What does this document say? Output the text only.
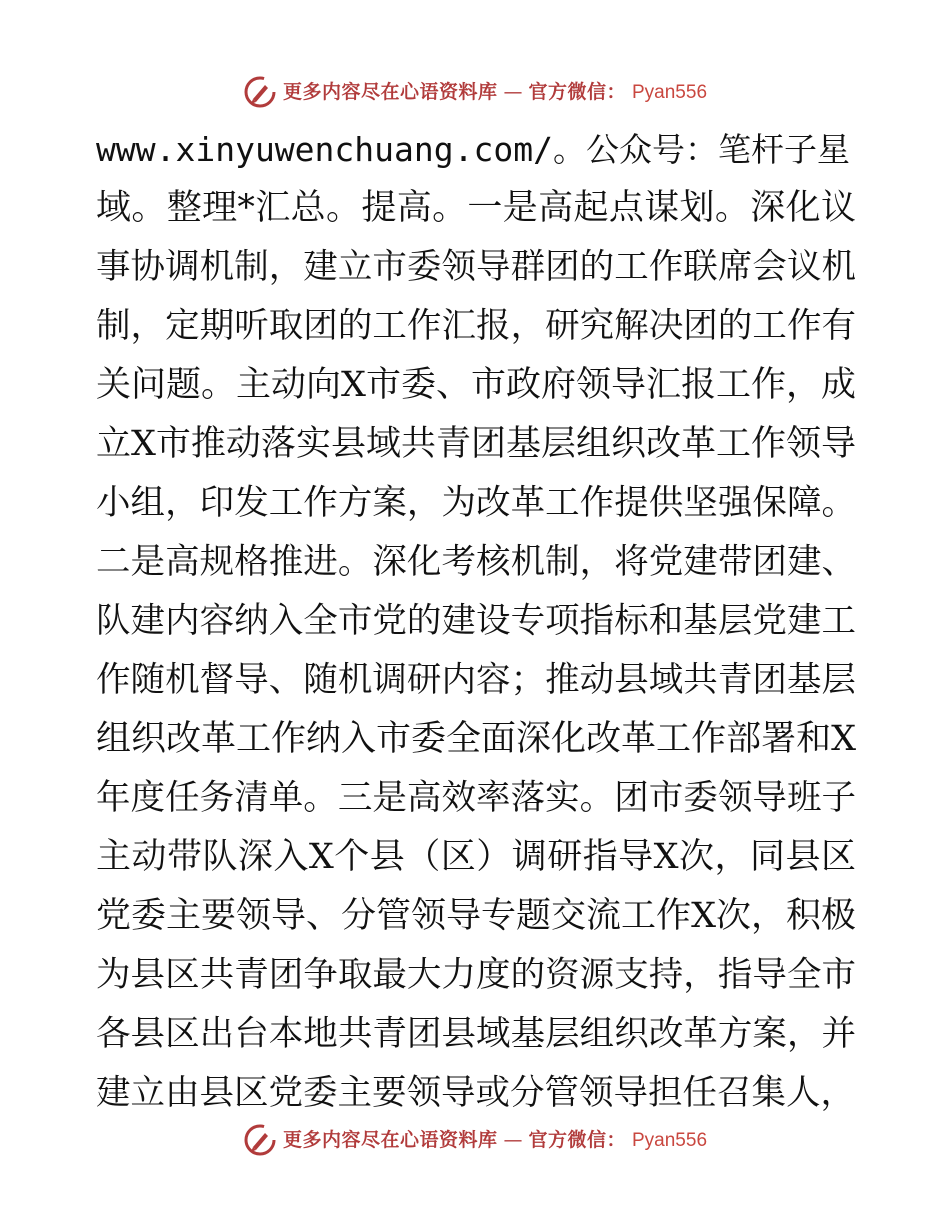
更多内容尽在心语资料库 — 官方微信： Pyan556
www.xinyuwenchuang.com/。公众号：笔杆子星
域。整理*汇总。提高。一是高起点谋划。深化议
事协调机制，建立市委领导群团的工作联席会议机
制，定期听取团的工作汇报，研究解决团的工作有
关问题。主动向X市委、市政府领导汇报工作，成
立X市推动落实县域共青团基层组织改革工作领导
小组，印发工作方案，为改革工作提供坚强保障。
二是高规格推进。深化考核机制，将党建带团建、
队建内容纳入全市党的建设专项指标和基层党建工
作随机督导、随机调研内容；推动县域共青团基层
组织改革工作纳入市委全面深化改革工作部署和X
年度任务清单。三是高效率落实。团市委领导班子
主动带队深入X个县（区）调研指导X次，同县区
党委主要领导、分管领导专题交流工作X次，积极
为县区共青团争取最大力度的资源支持，指导全市
各县区出台本地共青团县域基层组织改革方案，并
建立由县区党委主要领导或分管领导担任召集人，
更多内容尽在心语资料库 — 官方微信： Pyan556
